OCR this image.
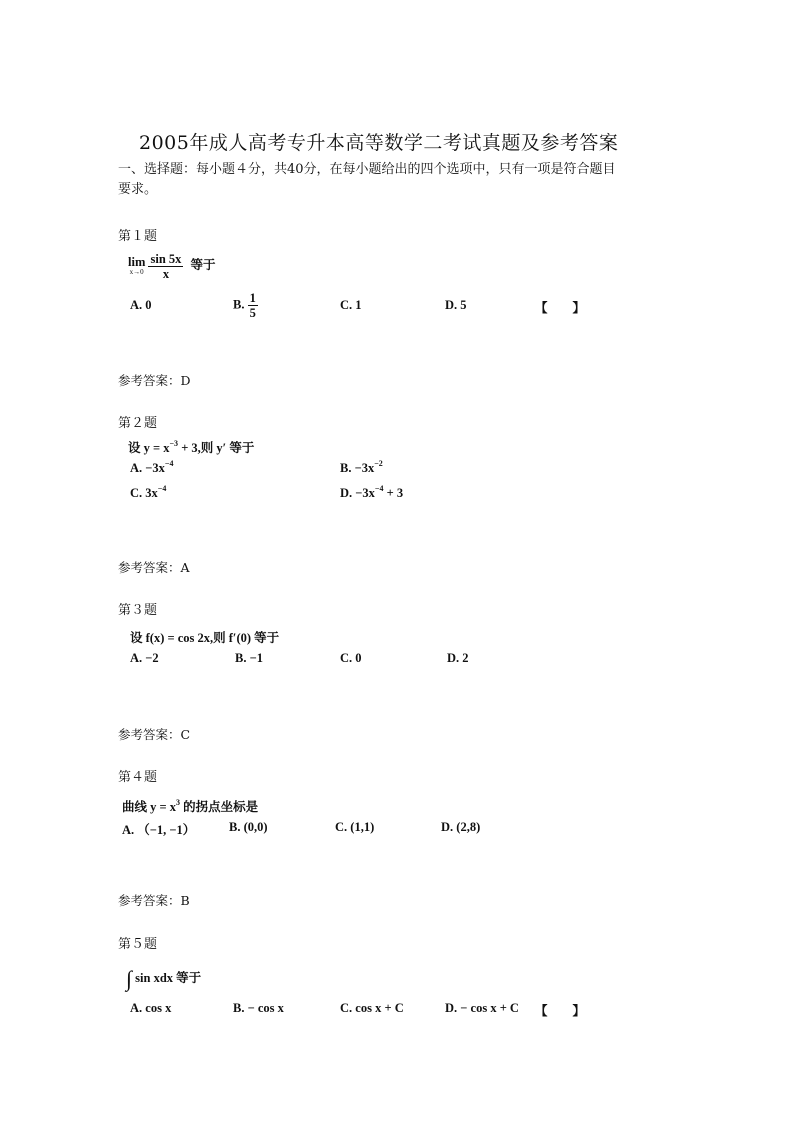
2005年成人高考专升本高等数学二考试真题及参考答案
一、选择题：每小题４分，共40分，在每小题给出的四个选项中，只有一项是符合题目
要求。
第１题
lim
x→0
$\frac{\sin 5x}{x}$ 等于
A. 0	B. $\frac{1}{5}$	C. 1	D. 5	【　　】
参考答案：D
第２题
设 $y = x^{-3} + 3$,则 y′ 等于
A. $-3x^{-4}$	B. $-3x^{-2}$
C. $3x^{-4}$	D. $-3x^{-4} + 3$
参考答案：A
第３题
设 f(x) = cos 2x,则 f′(0) 等于
A. −2	B. −1	C. 0	D. 2
参考答案：C
第４题
曲线 $y = x^3$ 的拐点坐标是
A. （−1, −1）	B. (0,0)	C. (1,1)	D. (2,8)
参考答案：B
第５题
∫ sin xdx 等于
A. cos x	B. − cos x	C. cos x + C	D. − cos x + C 【　　】
